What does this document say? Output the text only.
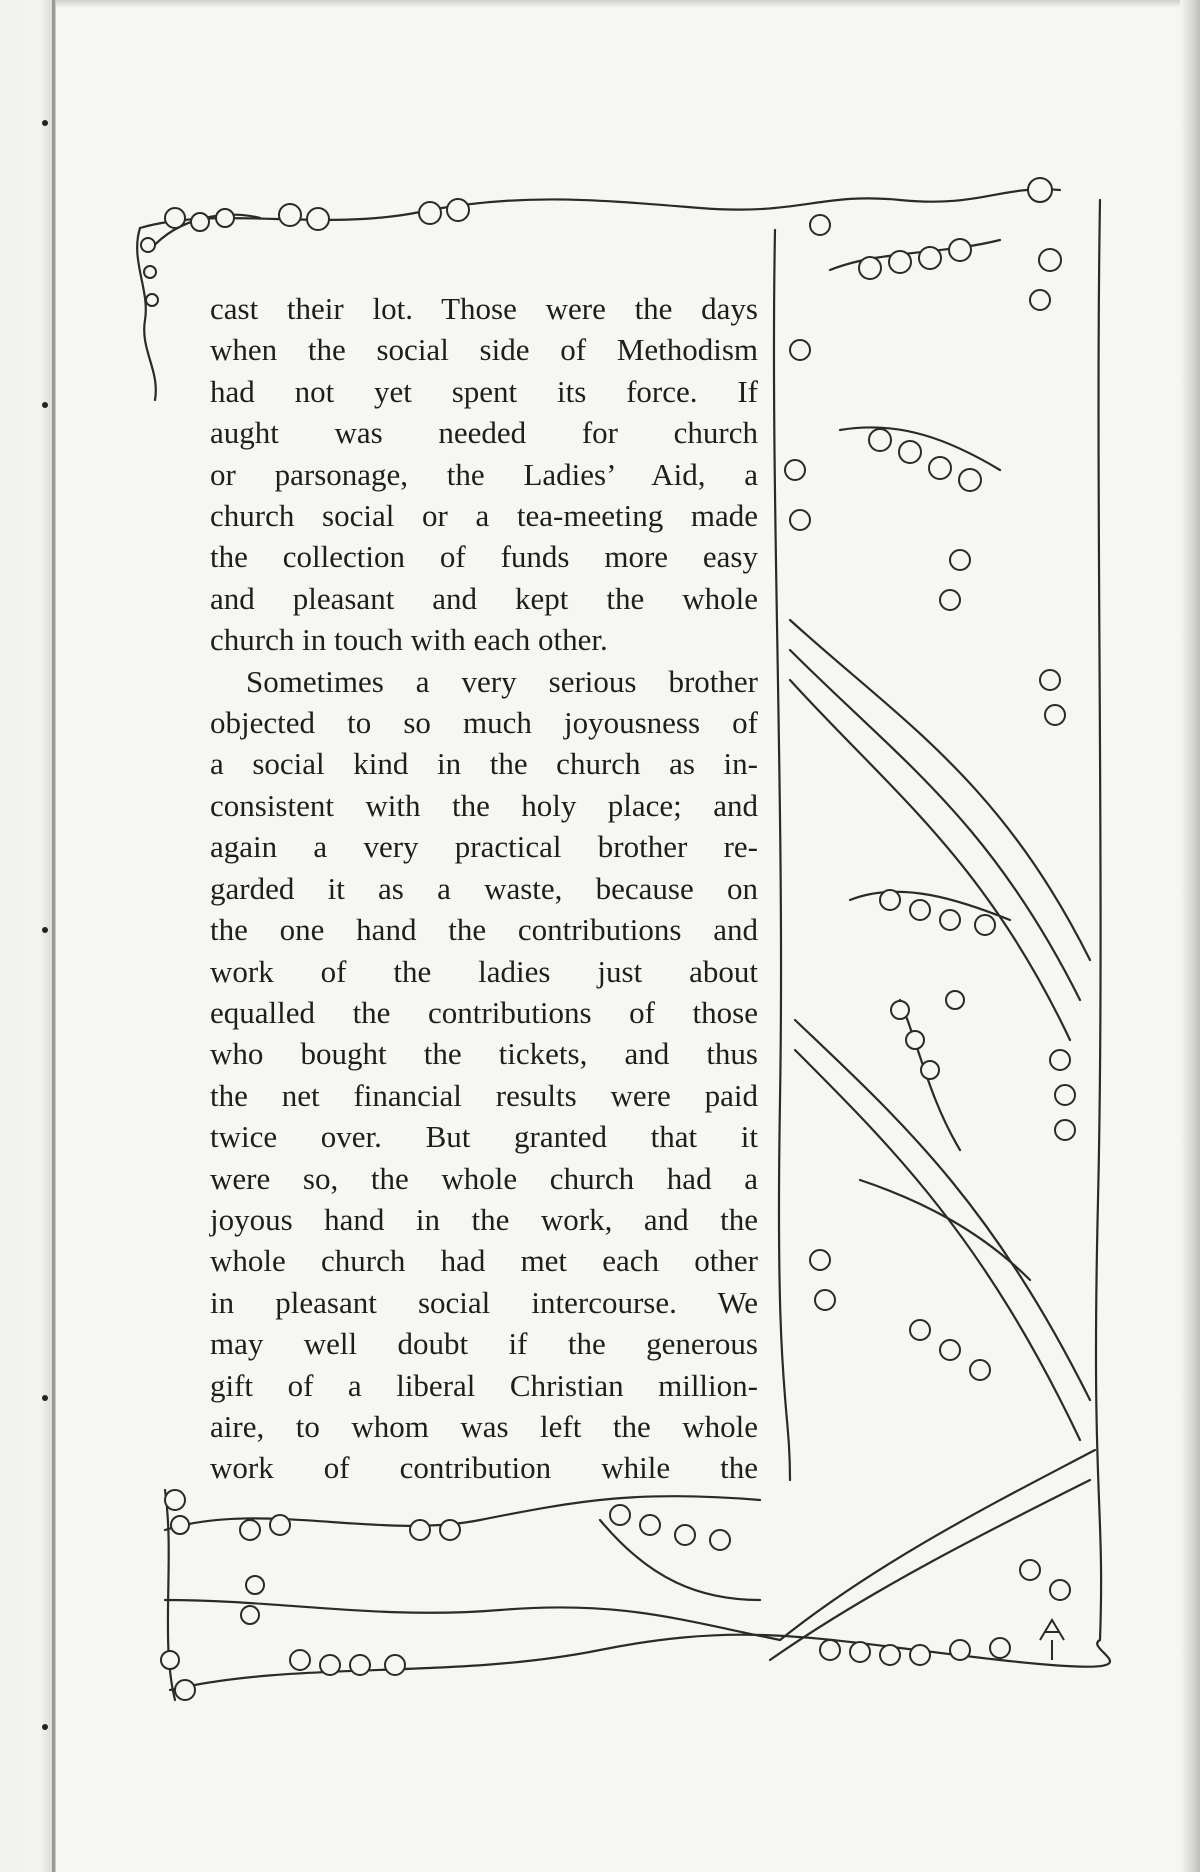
cast their lot. Those were the days
when the social side of Methodism
had not yet spent its force. If
aught was needed for church
or parsonage, the Ladies’ Aid, a
church social or a tea-meeting made
the collection of funds more easy
and pleasant and kept the whole
church in touch with each other.

Sometimes a very serious brother
objected to so much joyousness of
a social kind in the church as in-
consistent with the holy place; and
again a very practical brother re-
garded it as a waste, because on
the one hand the contributions and
work of the ladies just about
equalled the contributions of those
who bought the tickets, and thus
the net financial results were paid
twice over. But granted that it
were so, the whole church had a
joyous hand in the work, and the
whole church had met each other
in pleasant social intercourse. We
may well doubt if the generous
gift of a liberal Christian million-
aire, to whom was left the whole
work of contribution while the
